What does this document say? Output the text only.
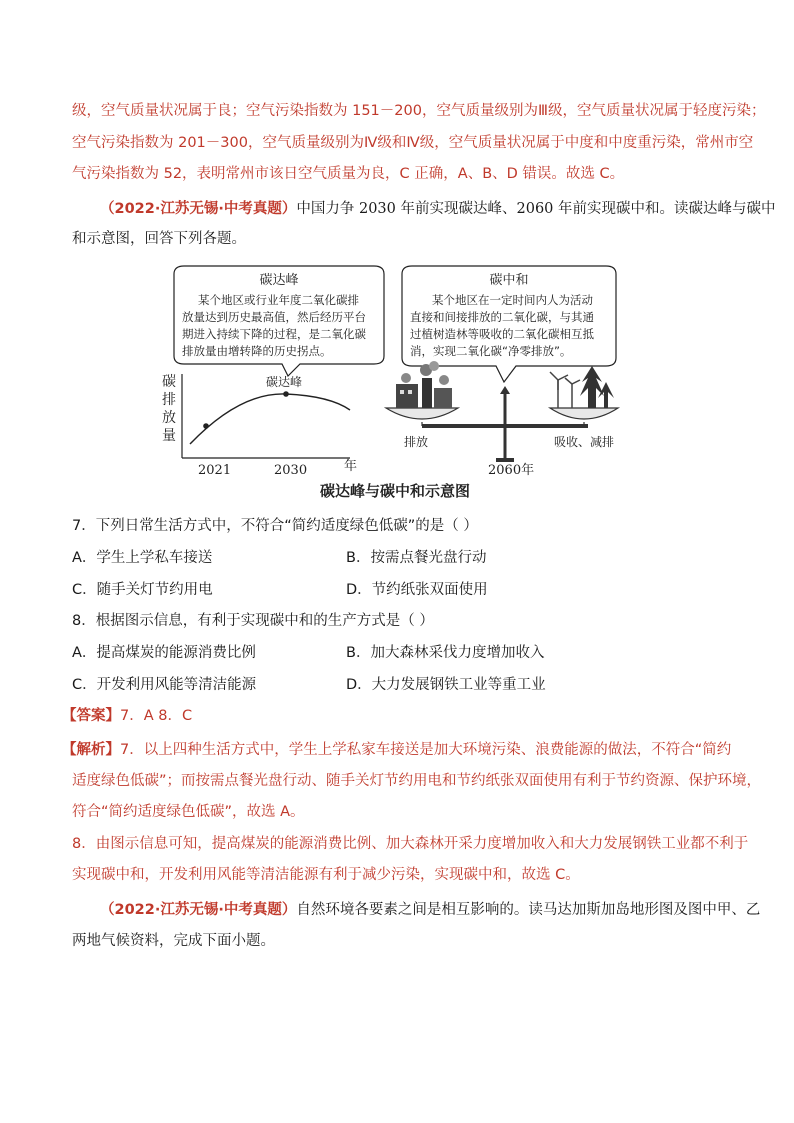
级，空气质量状况属于良；空气污染指数为 151－200，空气质量级别为Ⅲ级，空气质量状况属于轻度污染；
空气污染指数为 201－300，空气质量级别为Ⅳ级和Ⅳ级，空气质量状况属于中度和中度重污染，常州市空
气污染指数为 52，表明常州市该日空气质量为良，C 正确，A、B、D 错误。故选 C。
（2022·江苏无锡·中考真题）中国力争 2030 年前实现碳达峰、2060 年前实现碳中和。读碳达峰与碳中
和示意图，回答下列各题。
碳达峰
某个地区或行业年度二氧化碳排
放量达到历史最高值，然后经历平台
期进入持续下降的过程，是二氧化碳
排放量由增转降的历史拐点。
碳中和
某个地区在一定时间内人为活动
直接和间接排放的二氧化碳，与其通
过植树造林等吸收的二氧化碳相互抵
消，实现二氧化碳“净零排放”。
碳 排 放 量
碳达峰
2021	2030	年
排放	吸收、减排
2060年
碳达峰与碳中和示意图
7．下列日常生活方式中，不符合“简约适度绿色低碳”的是（ ）
A．学生上学私车接送	B．按需点餐光盘行动
C．随手关灯节约用电	D．节约纸张双面使用
8．根据图示信息，有利于实现碳中和的生产方式是（ ）
A．提高煤炭的能源消费比例	B．加大森林采伐力度增加收入
C．开发利用风能等清洁能源	D．大力发展钢铁工业等重工业
【答案】7．A 8．C
【解析】7．以上四种生活方式中，学生上学私家车接送是加大环境污染、浪费能源的做法，不符合“简约
适度绿色低碳”；而按需点餐光盘行动、随手关灯节约用电和节约纸张双面使用有利于节约资源、保护环境，
符合“简约适度绿色低碳”，故选 A。
8．由图示信息可知，提高煤炭的能源消费比例、加大森林开采力度增加收入和大力发展钢铁工业都不利于
实现碳中和，开发利用风能等清洁能源有利于减少污染，实现碳中和，故选 C。
（2022·江苏无锡·中考真题）自然环境各要素之间是相互影响的。读马达加斯加岛地形图及图中甲、乙
两地气候资料，完成下面小题。
